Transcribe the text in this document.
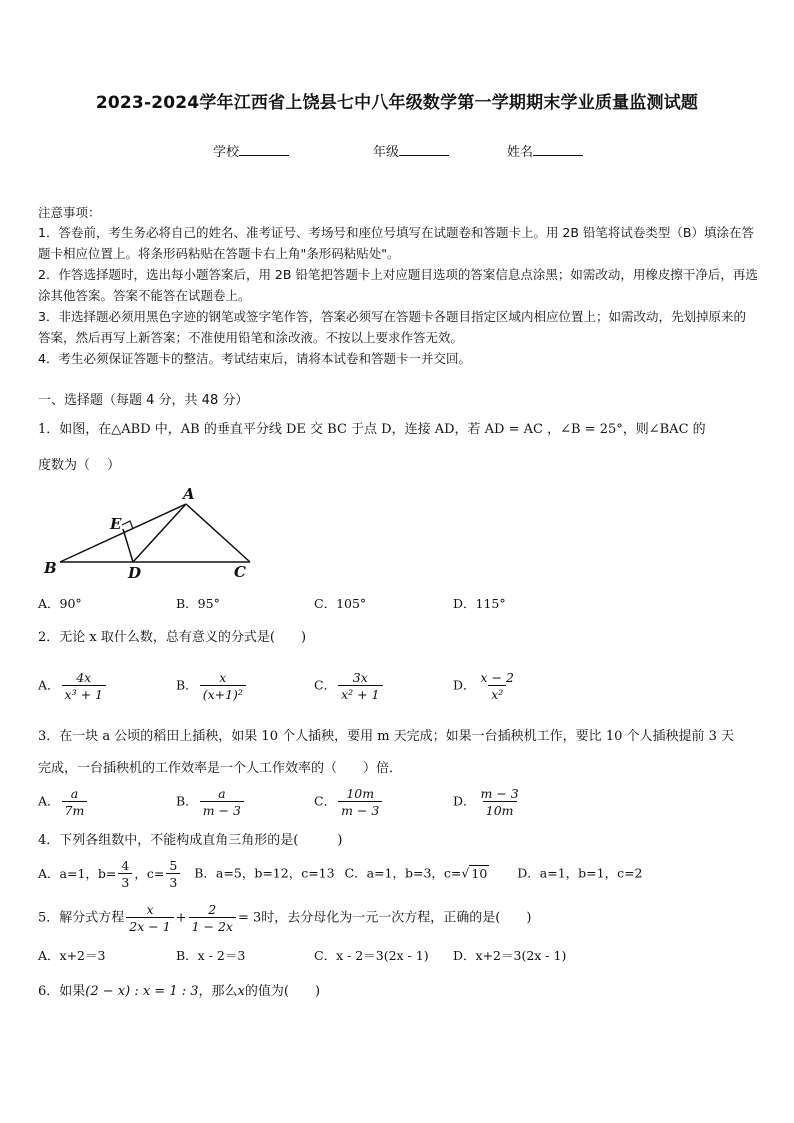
2023-2024学年江西省上饶县七中八年级数学第一学期期末学业质量监测试题
学校	年级	姓名
注意事项：

1．答卷前，考生务必将自己的姓名、准考证号、考场号和座位号填写在试题卷和答题卡上。用 2B 铅笔将试卷类型（B）填涂在答题卡相应位置上。将条形码粘贴在答题卡右上角"条形码粘贴处"。

2．作答选择题时，选出每小题答案后，用 2B 铅笔把答题卡上对应题目选项的答案信息点涂黑；如需改动，用橡皮擦干净后，再选涂其他答案。答案不能答在试题卷上。

3．非选择题必须用黑色字迹的钢笔或签字笔作答，答案必须写在答题卡各题目指定区域内相应位置上；如需改动，先划掉原来的答案，然后再写上新答案；不准使用铅笔和涂改液。不按以上要求作答无效。

4．考生必须保证答题卡的整洁。考试结束后，请将本试卷和答题卡一并交回。

一、选择题（每题 4 分，共 48 分）
1．如图，在△ABD 中，AB 的垂直平分线 DE 交 BC 于点 D，连接 AD，若 AD = AC ，∠B = 25°，则∠BAC 的
度数为（　 ）
A
B	C
D
E
A．90°	B．95°	C．105°	D．115°
2．无论 x 取什么数，总有意义的分式是(　　)
A． $\frac{4x}{\text{x³ + 1}}$	B． $\frac{x}{\text{(x+1)²}}$	C． $\frac{3x}{\text{x² + 1}}$	D． $\frac{x - 2}{\text{x²}}$
3．在一块 a 公顷的稻田上插秧，如果 10 个人插秧，要用 m 天完成；如果一台插秧机工作，要比 10 个人插秧提前 3 天
完成，一台插秧机的工作效率是一个人工作效率的（　　）倍．
A． $\frac{a}{7m}$	B． $\frac{a}{m - 3}$	C． $\frac{10m}{m - 3}$	D． $\frac{m - 3}{10m}$
4．下列各组数中，不能构成直角三角形的是(　　　)
A．a=1，$b= \frac{4}{3}$ ，$c= \frac{5}{3}$ B．a=5，b=12，c=13 C．a=1，b=3，c=√ 10 D．a=1，b=1，c=2
5．解分式方程 $\frac{x}{2x - 1} + \frac{2}{1 - 2x} = 3$时，去分母化为一元一次方程，正确的是(　　)
A．x+2＝3	B．x - 2＝3	C．x - 2＝3(2x - 1) D．x+2＝3(2x - 1)
6．如果(2 − x) : x = 1 : 3，那么x的值为(　　)
